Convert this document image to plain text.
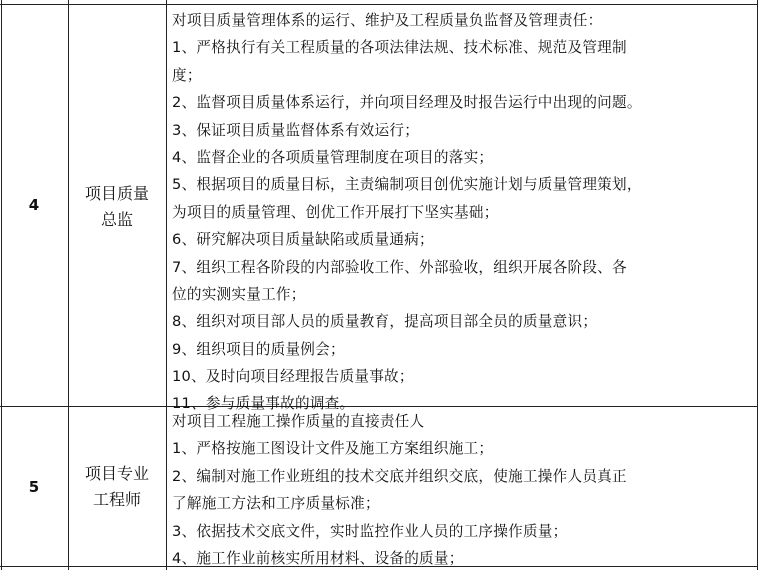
4
项目质量
总监
对项目质量管理体系的运行、维护及工程质量负监督及管理责任：
1、严格执行有关工程质量的各项法律法规、技术标准、规范及管理制
度；
2、监督项目质量体系运行，并向项目经理及时报告运行中出现的问题。
3、保证项目质量监督体系有效运行；
4、监督企业的各项质量管理制度在项目的落实；
5、根据项目的质量目标，主责编制项目创优实施计划与质量管理策划，
为项目的质量管理、创优工作开展打下坚实基础；
6、研究解决项目质量缺陷或质量通病；
7、组织工程各阶段的内部验收工作、外部验收，组织开展各阶段、各
位的实测实量工作；
8、组织对项目部人员的质量教育，提高项目部全员的质量意识；
9、组织项目的质量例会；
10、及时向项目经理报告质量事故；
11、参与质量事故的调查。
5
项目专业
工程师
对项目工程施工操作质量的直接责任人
1、严格按施工图设计文件及施工方案组织施工；
2、编制对施工作业班组的技术交底并组织交底，使施工操作人员真正
了解施工方法和工序质量标准；
3、依据技术交底文件，实时监控作业人员的工序操作质量；
4、施工作业前核实所用材料、设备的质量；
